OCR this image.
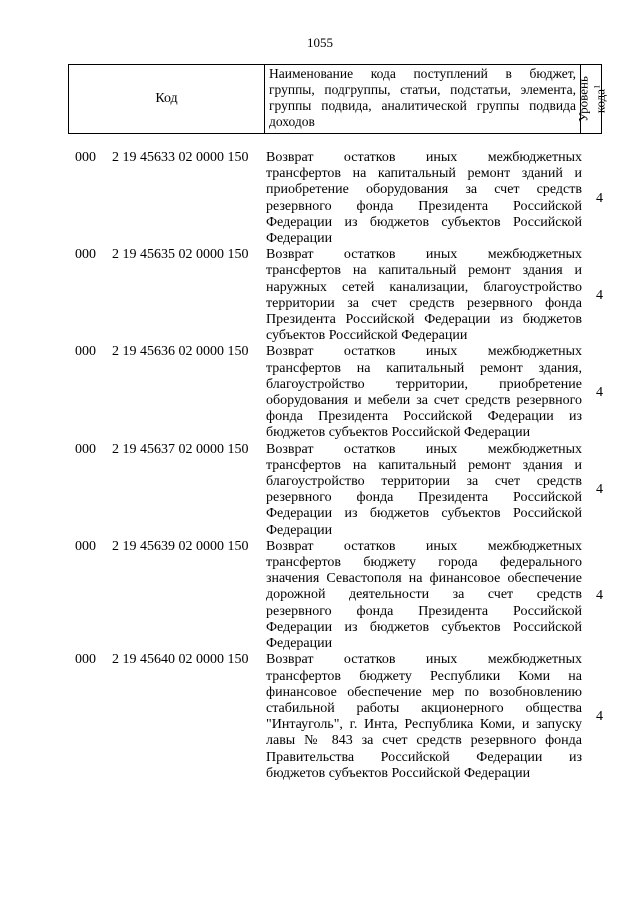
1055
Код
Наименование кода поступлений в бюджет,
группы, подгруппы, статьи, подстатьи, элемента,
группы подвида, аналитической группы подвида
доходов	Уровень кода$^1$
000 2 19 45633 02 0000 150 Возврат остатков иных межбюджетных
трансфертов на капитальный ремонт зданий и
приобретение оборудования за счет средств
резервного фонда Президента Российской
Федерации из бюджетов субъектов Российской
Федерации
4
000 2 19 45635 02 0000 150 Возврат остатков иных межбюджетных
трансфертов на капитальный ремонт здания и
наружных сетей канализации, благоустройство
территории за счет средств резервного фонда
Президента Российской Федерации из бюджетов
субъектов Российской Федерации
4
000 2 19 45636 02 0000 150 Возврат остатков иных межбюджетных
трансфертов на капитальный ремонт здания,
благоустройство территории, приобретение
оборудования и мебели за счет средств резервного
фонда Президента Российской Федерации из
бюджетов субъектов Российской Федерации
4
000 2 19 45637 02 0000 150 Возврат остатков иных межбюджетных
трансфертов на капитальный ремонт здания и
благоустройство территории за счет средств
резервного фонда Президента Российской
Федерации из бюджетов субъектов Российской
Федерации
4
000 2 19 45639 02 0000 150 Возврат остатков иных межбюджетных
трансфертов бюджету города федерального
значения Севастополя на финансовое обеспечение
дорожной деятельности за счет средств
резервного фонда Президента Российской
Федерации из бюджетов субъектов Российской
Федерации
4
000 2 19 45640 02 0000 150 Возврат остатков иных межбюджетных
трансфертов бюджету Республики Коми на
финансовое обеспечение мер по возобновлению
стабильной работы акционерного общества
"Интауголь", г. Инта, Республика Коми, и запуску
лавы № 843 за счет средств резервного фонда
Правительства Российской Федерации из
бюджетов субъектов Российской Федерации
4
